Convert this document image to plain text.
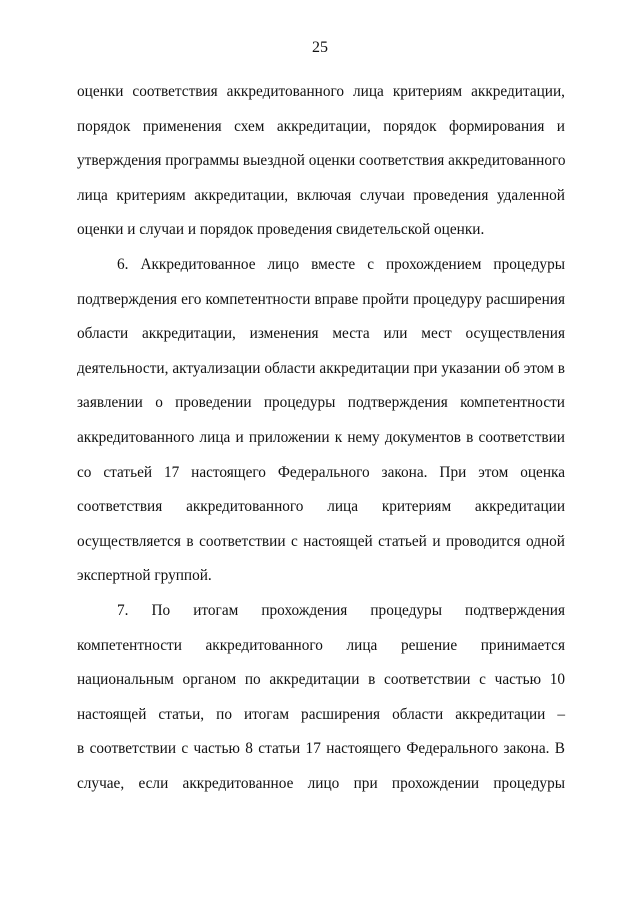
25
оценки соответствия аккредитованного лица критериям аккредитации,
порядок применения схем аккредитации, порядок формирования и
утверждения программы выездной оценки соответствия аккредитованного
лица критериям аккредитации, включая случаи проведения удаленной
оценки и случаи и порядок проведения свидетельской оценки.
6. Аккредитованное лицо вместе с прохождением процедуры
подтверждения его компетентности вправе пройти процедуру расширения
области аккредитации, изменения места или мест осуществления
деятельности, актуализации области аккредитации при указании об этом в
заявлении о проведении процедуры подтверждения компетентности
аккредитованного лица и приложении к нему документов в соответствии
со статьей 17 настоящего Федерального закона. При этом оценка
соответствия аккредитованного лица критериям аккредитации
осуществляется в соответствии с настоящей статьей и проводится одной
экспертной группой.
7. По итогам прохождения процедуры подтверждения
компетентности аккредитованного лица решение принимается
национальным органом по аккредитации в соответствии с частью 10
настоящей статьи, по итогам расширения области аккредитации –
в соответствии с частью 8 статьи 17 настоящего Федерального закона. В
случае, если аккредитованное лицо при прохождении процедуры
